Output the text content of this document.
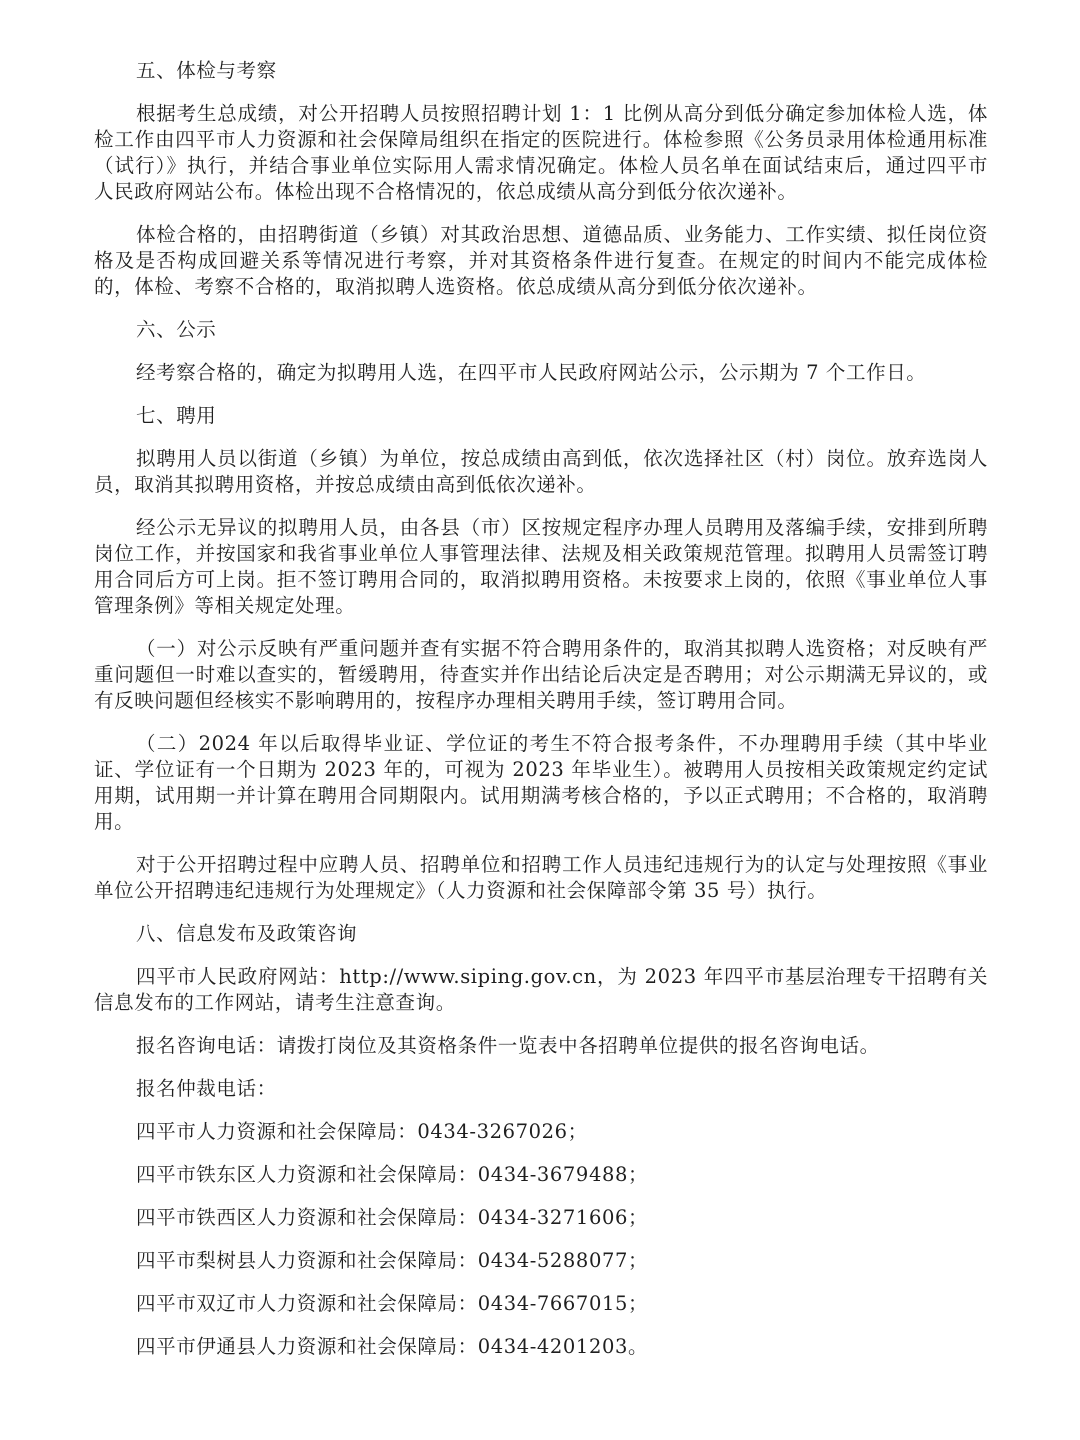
五、体检与考察

根据考生总成绩，对公开招聘人员按照招聘计划 1：1 比例从高分到低分确定参加体检人选，体检工作由四平市人力资源和社会保障局组织在指定的医院进行。体检参照《公务员录用体检通用标准（试行）》执行，并结合事业单位实际用人需求情况确定。体检人员名单在面试结束后，通过四平市人民政府网站公布。体检出现不合格情况的，依总成绩从高分到低分依次递补。

体检合格的，由招聘街道（乡镇）对其政治思想、道德品质、业务能力、工作实绩、拟任岗位资格及是否构成回避关系等情况进行考察，并对其资格条件进行复查。在规定的时间内不能完成体检的，体检、考察不合格的，取消拟聘人选资格。依总成绩从高分到低分依次递补。

六、公示

经考察合格的，确定为拟聘用人选，在四平市人民政府网站公示，公示期为 7 个工作日。

七、聘用

拟聘用人员以街道（乡镇）为单位，按总成绩由高到低，依次选择社区（村）岗位。放弃选岗人员，取消其拟聘用资格，并按总成绩由高到低依次递补。

经公示无异议的拟聘用人员，由各县（市）区按规定程序办理人员聘用及落编手续，安排到所聘岗位工作，并按国家和我省事业单位人事管理法律、法规及相关政策规范管理。拟聘用人员需签订聘用合同后方可上岗。拒不签订聘用合同的，取消拟聘用资格。未按要求上岗的，依照《事业单位人事管理条例》等相关规定处理。

（一）对公示反映有严重问题并查有实据不符合聘用条件的，取消其拟聘人选资格；对反映有严重问题但一时难以查实的，暂缓聘用，待查实并作出结论后决定是否聘用；对公示期满无异议的，或有反映问题但经核实不影响聘用的，按程序办理相关聘用手续，签订聘用合同。

（二）2024 年以后取得毕业证、学位证的考生不符合报考条件，不办理聘用手续（其中毕业证、学位证有一个日期为 2023 年的，可视为 2023 年毕业生）。被聘用人员按相关政策规定约定试用期，试用期一并计算在聘用合同期限内。试用期满考核合格的，予以正式聘用；不合格的，取消聘用。

对于公开招聘过程中应聘人员、招聘单位和招聘工作人员违纪违规行为的认定与处理按照《事业单位公开招聘违纪违规行为处理规定》（人力资源和社会保障部令第 35 号）执行。

八、信息发布及政策咨询

四平市人民政府网站：http://www.siping.gov.cn，为 2023 年四平市基层治理专干招聘有关信息发布的工作网站，请考生注意查询。

报名咨询电话：请拨打岗位及其资格条件一览表中各招聘单位提供的报名咨询电话。

报名仲裁电话：

四平市人力资源和社会保障局：0434-3267026；

四平市铁东区人力资源和社会保障局：0434-3679488；

四平市铁西区人力资源和社会保障局：0434-3271606；

四平市梨树县人力资源和社会保障局：0434-5288077；

四平市双辽市人力资源和社会保障局：0434-7667015；

四平市伊通县人力资源和社会保障局：0434-4201203。
